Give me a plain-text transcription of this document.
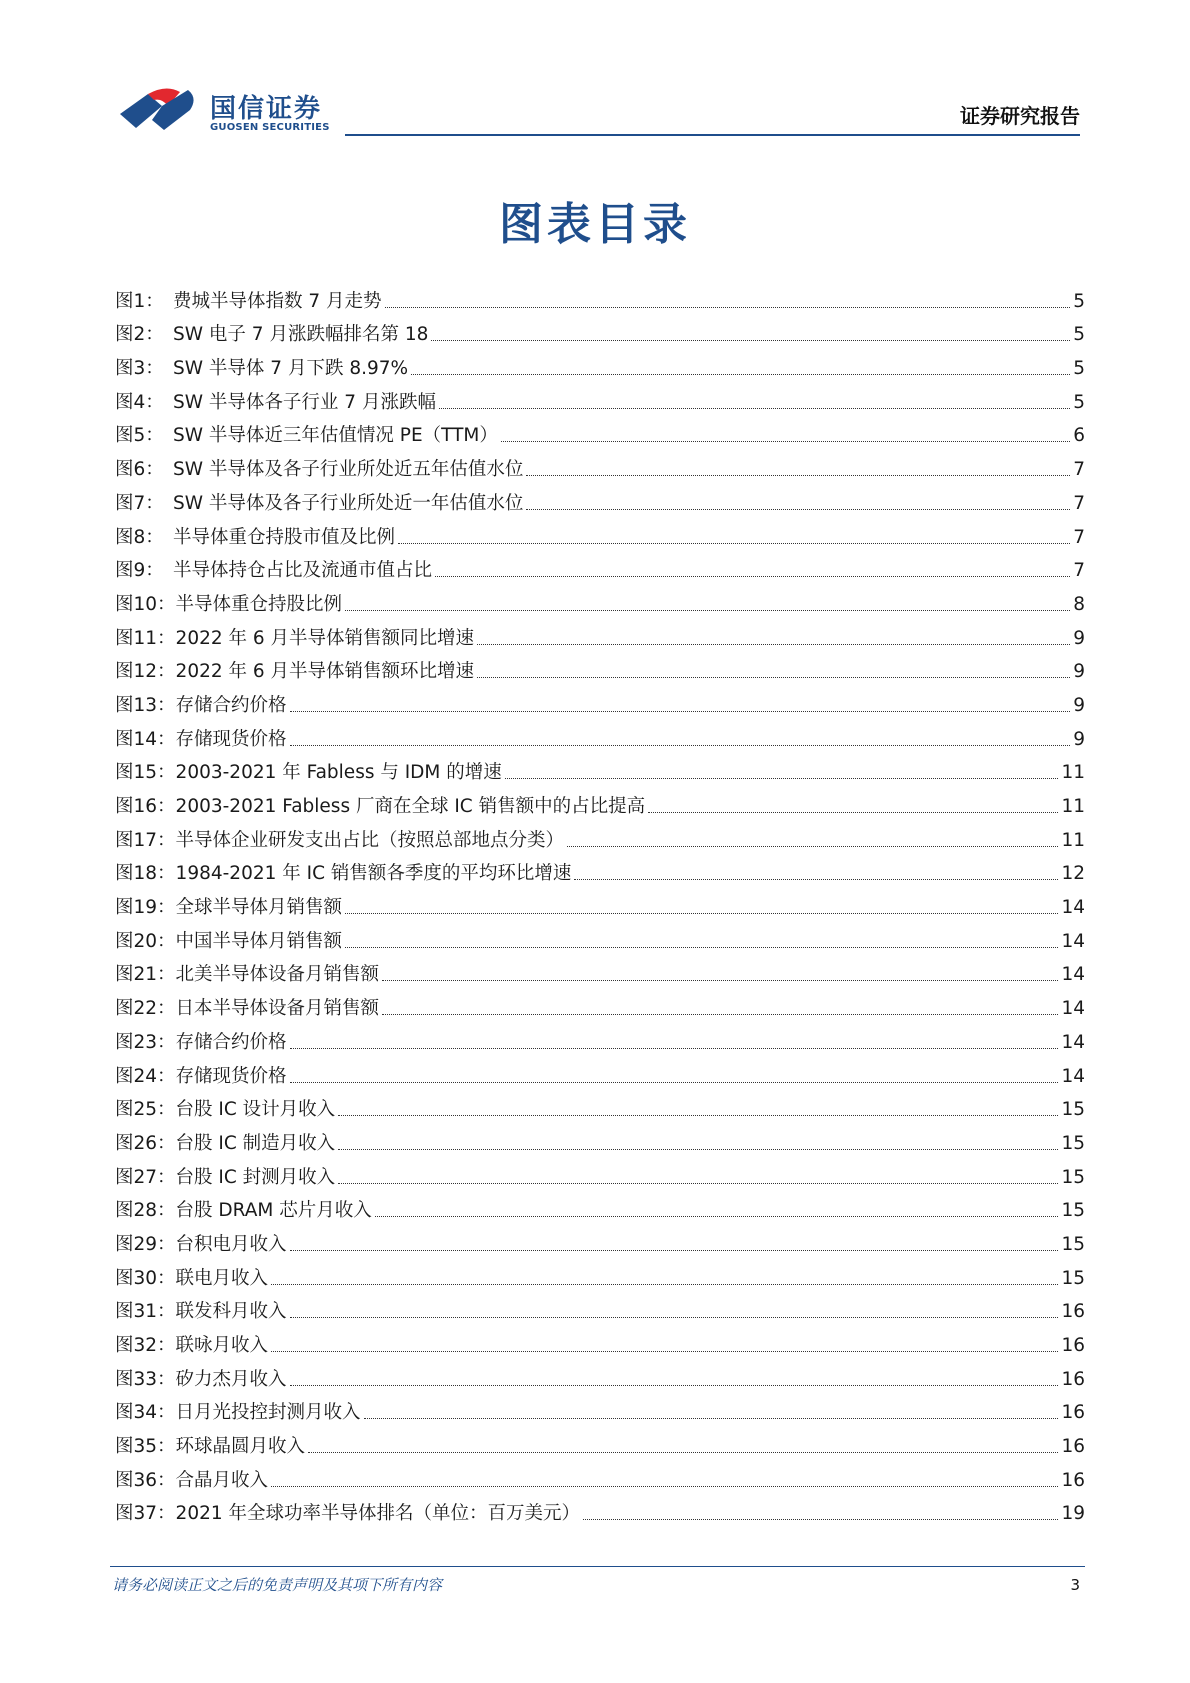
国信证券
GUOSEN SECURITIES	证券研究报告
图表目录
图1： 费城半导体指数 7 月走势	5
图2： SW 电子 7 月涨跌幅排名第 18	5
图3： SW 半导体 7 月下跌 8.97%	5
图4： SW 半导体各子行业 7 月涨跌幅	5
图5： SW 半导体近三年估值情况 PE（TTM）	6
图6： SW 半导体及各子行业所处近五年估值水位	7
图7： SW 半导体及各子行业所处近一年估值水位	7
图8： 半导体重仓持股市值及比例	7
图9： 半导体持仓占比及流通市值占比	7
图10：半导体重仓持股比例	8
图11：2022 年 6 月半导体销售额同比增速	9
图12：2022 年 6 月半导体销售额环比增速	9
图13：存储合约价格	9
图14：存储现货价格	9
图15：2003-2021 年 Fabless 与 IDM 的增速	11
图16：2003-2021 Fabless 厂商在全球 IC 销售额中的占比提高	11
图17：半导体企业研发支出占比（按照总部地点分类）	11
图18：1984-2021 年 IC 销售额各季度的平均环比增速	12
图19：全球半导体月销售额	14
图20：中国半导体月销售额	14
图21：北美半导体设备月销售额	14
图22：日本半导体设备月销售额	14
图23：存储合约价格	14
图24：存储现货价格	14
图25：台股 IC 设计月收入	15
图26：台股 IC 制造月收入	15
图27：台股 IC 封测月收入	15
图28：台股 DRAM 芯片月收入	15
图29：台积电月收入	15
图30：联电月收入	15
图31：联发科月收入	16
图32：联咏月收入	16
图33：矽力杰月收入	16
图34：日月光投控封测月收入	16
图35：环球晶圆月收入	16
图36：合晶月收入	16
图37：2021 年全球功率半导体排名（单位：百万美元）	19
请务必阅读正文之后的免责声明及其项下所有内容	3
